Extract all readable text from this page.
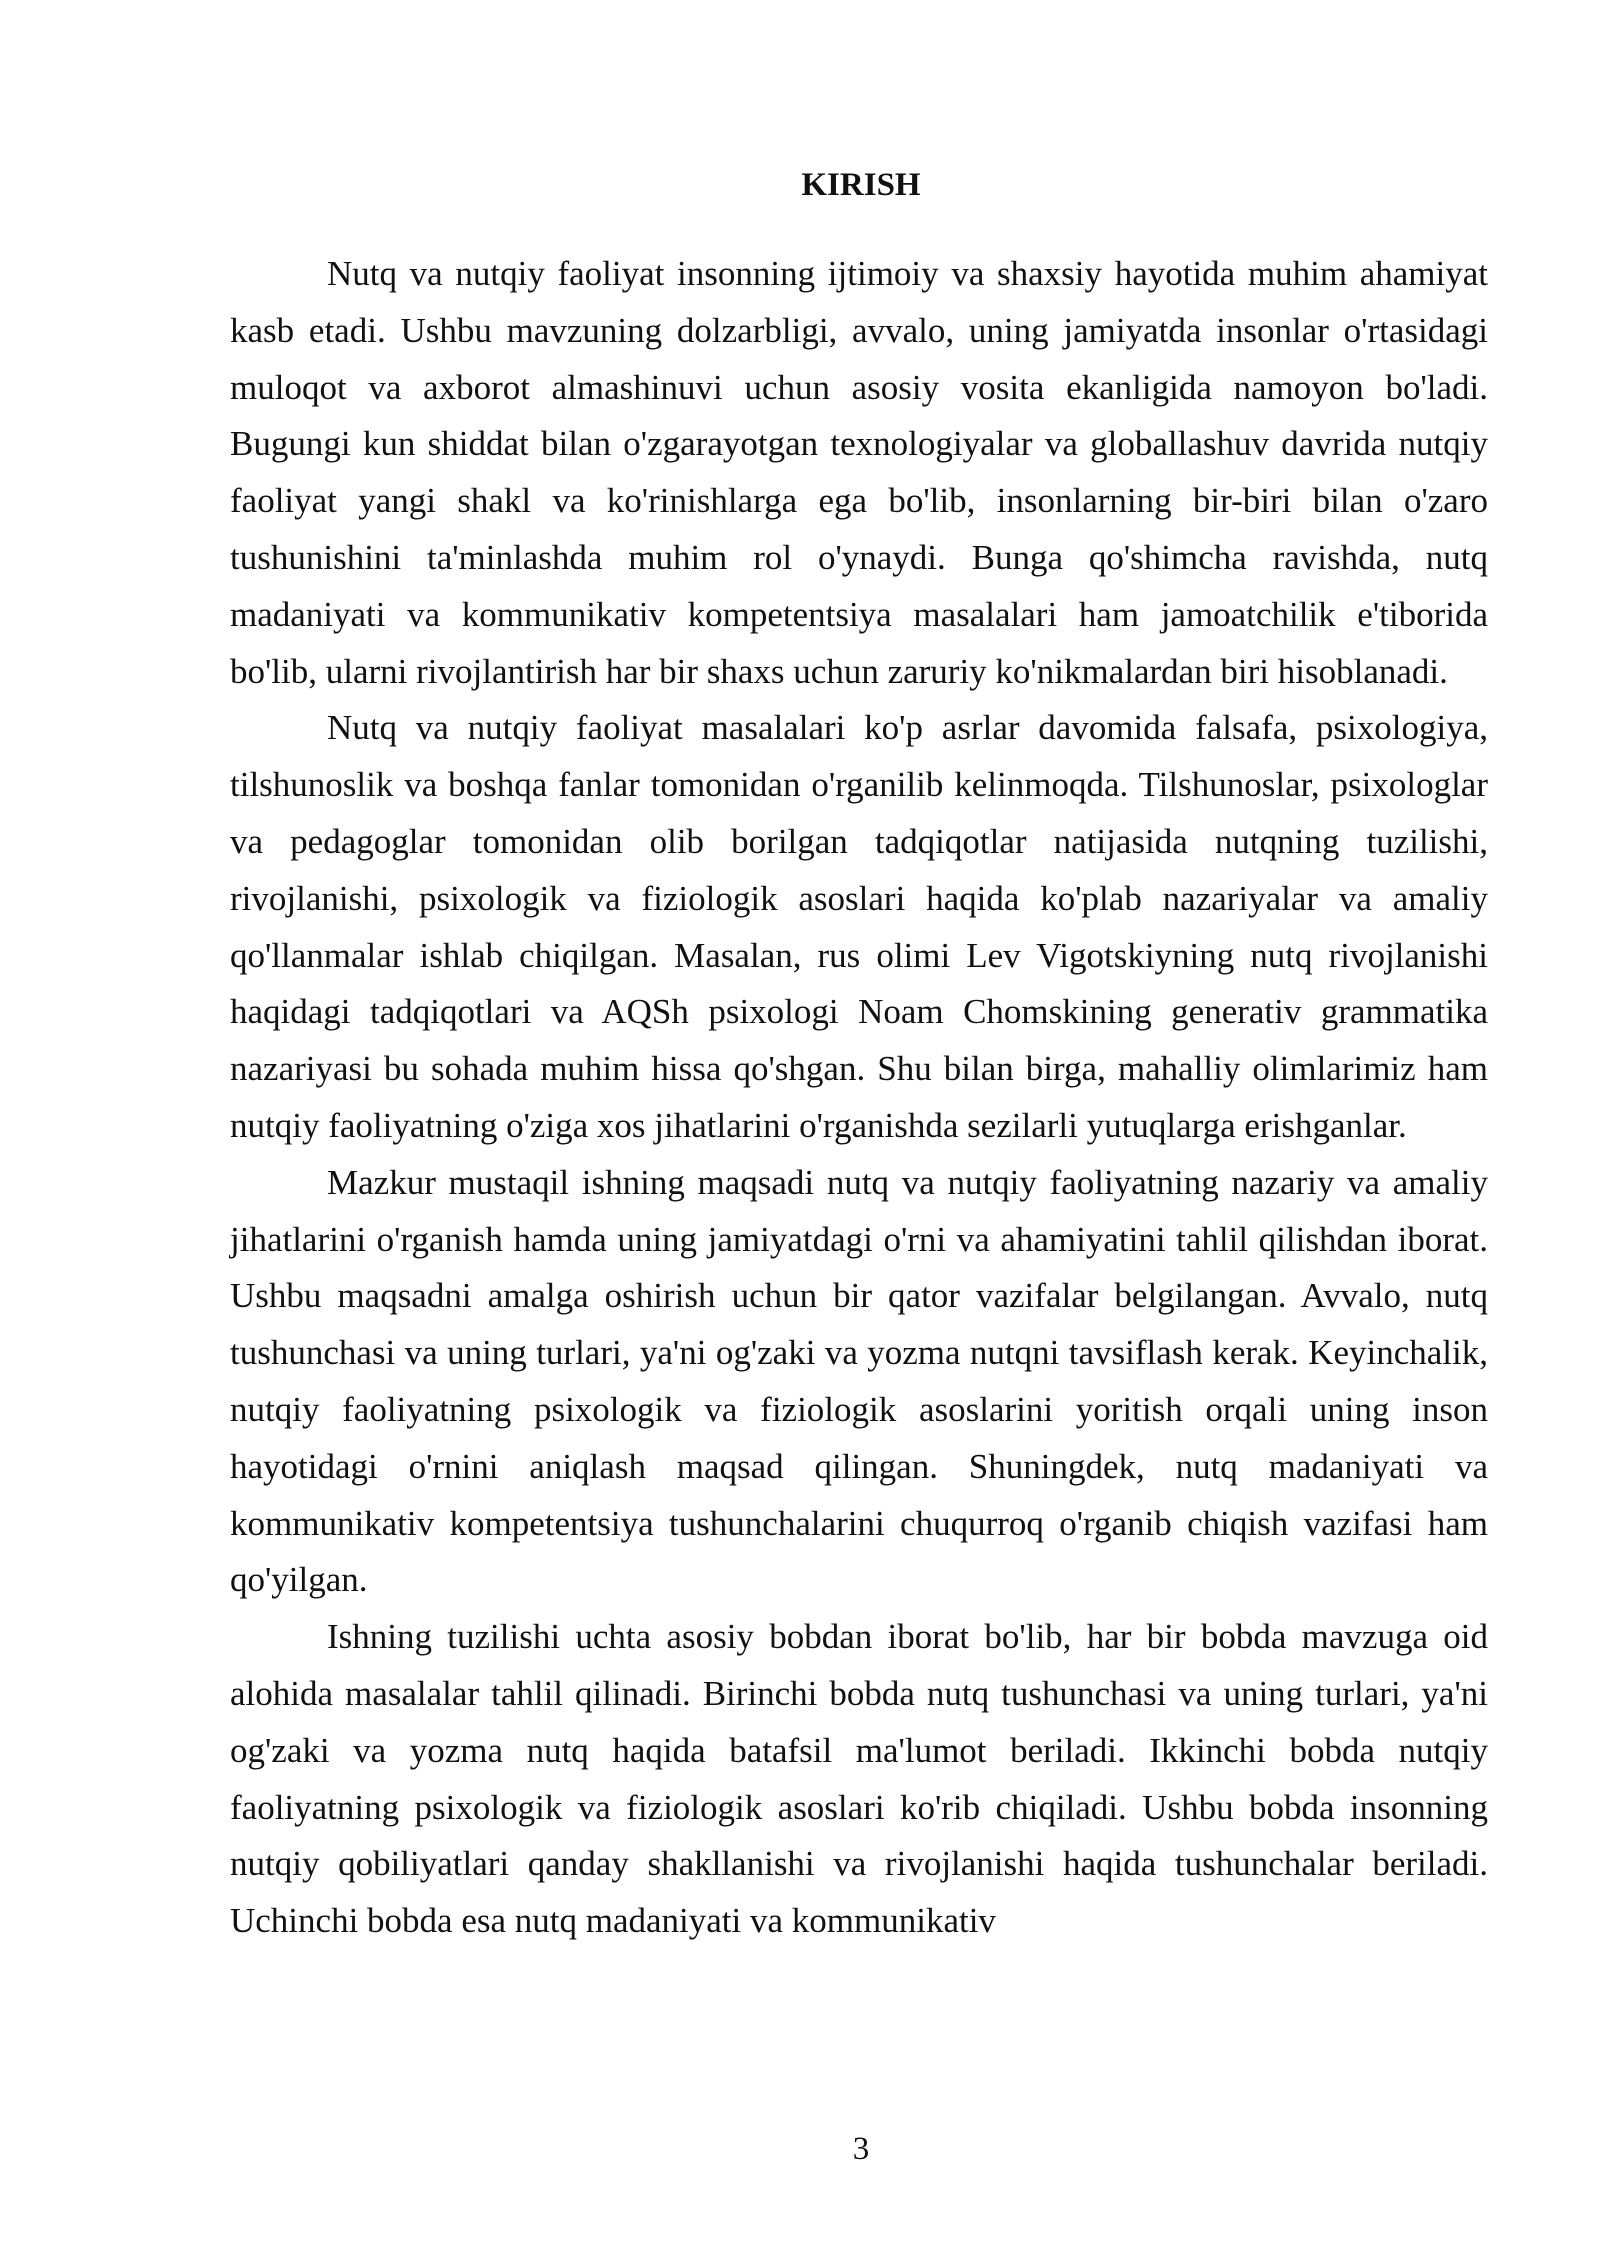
KIRISH

Nutq va nutqiy faoliyat insonning ijtimoiy va shaxsiy hayotida muhim ahamiyat kasb etadi. Ushbu mavzuning dolzarbligi, avvalo, uning jamiyatda insonlar o'rtasidagi muloqot va axborot almashinuvi uchun asosiy vosita ekanligida namoyon bo'ladi. Bugungi kun shiddat bilan o'zgarayotgan texnologiyalar va globallashuv davrida nutqiy faoliyat yangi shakl va ko'rinishlarga ega bo'lib, insonlarning bir-biri bilan o'zaro tushunishini ta'minlashda muhim rol o'ynaydi. Bunga qo'shimcha ravishda, nutq madaniyati va kommunikativ kompetentsiya masalalari ham jamoatchilik e'tiborida bo'lib, ularni rivojlantirish har bir shaxs uchun zaruriy ko'nikmalardan biri hisoblanadi.

Nutq va nutqiy faoliyat masalalari ko'p asrlar davomida falsafa, psixologiya, tilshunoslik va boshqa fanlar tomonidan o'rganilib kelinmoqda. Tilshunoslar, psixologlar va pedagoglar tomonidan olib borilgan tadqiqotlar natijasida nutqning tuzilishi, rivojlanishi, psixologik va fiziologik asoslari haqida ko'plab nazariyalar va amaliy qo'llanmalar ishlab chiqilgan. Masalan, rus olimi Lev Vigotskiyning nutq rivojlanishi haqidagi tadqiqotlari va AQSh psixologi Noam Chomskining generativ grammatika nazariyasi bu sohada muhim hissa qo'shgan. Shu bilan birga, mahalliy olimlarimiz ham nutqiy faoliyatning o'ziga xos jihatlarini o'rganishda sezilarli yutuqlarga erishganlar.

Mazkur mustaqil ishning maqsadi nutq va nutqiy faoliyatning nazariy va amaliy jihatlarini o'rganish hamda uning jamiyatdagi o'rni va ahamiyatini tahlil qilishdan iborat. Ushbu maqsadni amalga oshirish uchun bir qator vazifalar belgilangan. Avvalo, nutq tushunchasi va uning turlari, ya'ni og'zaki va yozma nutqni tavsiflash kerak. Keyinchalik, nutqiy faoliyatning psixologik va fiziologik asoslarini yoritish orqali uning inson hayotidagi o'rnini aniqlash maqsad qilingan. Shuningdek, nutq madaniyati va kommunikativ kompetentsiya tushunchalarini chuqurroq o'rganib chiqish vazifasi ham qo'yilgan.

Ishning tuzilishi uchta asosiy bobdan iborat bo'lib, har bir bobda mavzuga oid alohida masalalar tahlil qilinadi. Birinchi bobda nutq tushunchasi va uning turlari, ya'ni og'zaki va yozma nutq haqida batafsil ma'lumot beriladi. Ikkinchi bobda nutqiy faoliyatning psixologik va fiziologik asoslari ko'rib chiqiladi. Ushbu bobda insonning nutqiy qobiliyatlari qanday shakllanishi va rivojlanishi haqida tushunchalar beriladi. Uchinchi bobda esa nutq madaniyati va kommunikativ

3
